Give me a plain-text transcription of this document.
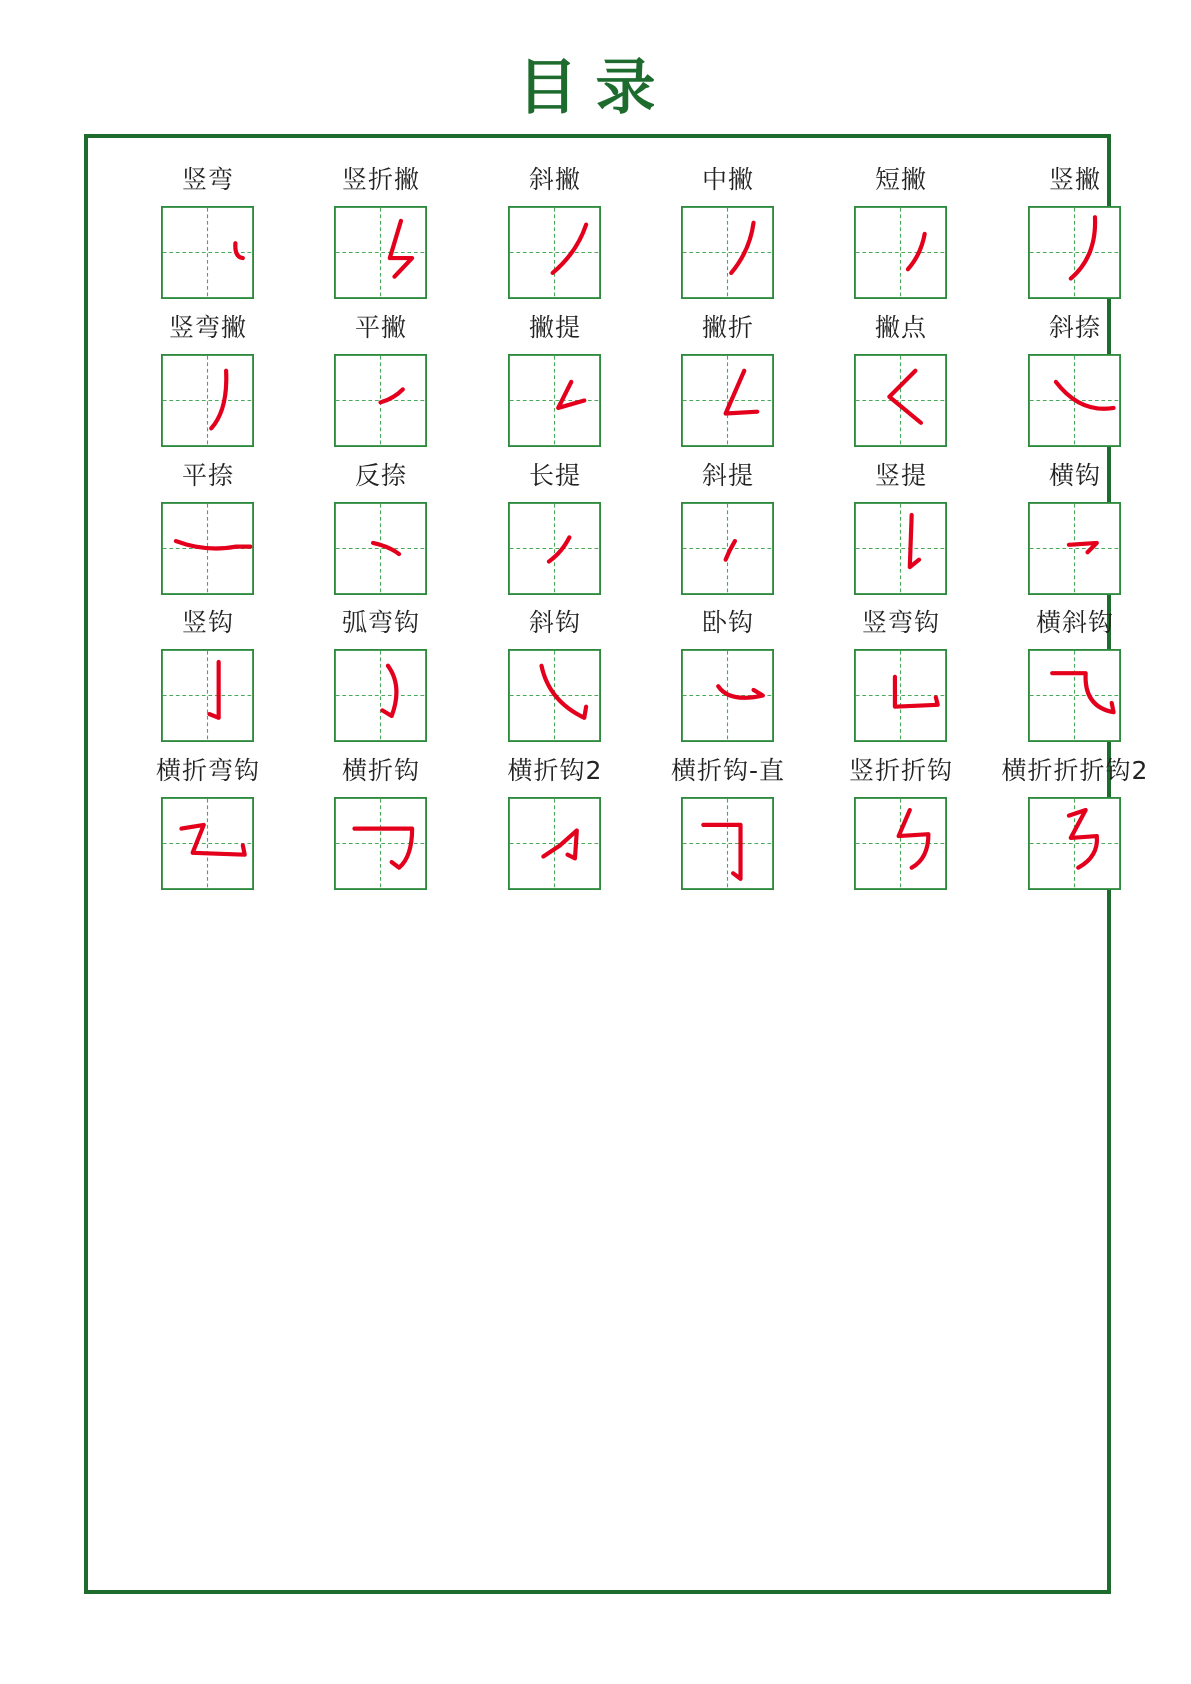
目录
竖弯	竖折撇	斜撇	中撇	短撇	竖撇
竖弯撇	平撇	撇提	撇折	撇点	斜捺
平捺	反捺	长提	斜提	竖提	横钩
竖钩	弧弯钩	斜钩	卧钩	竖弯钩	横斜钩
横折弯钩	横折钩	横折钩2	横折钩-直	竖折折钩	横折折折钩2
